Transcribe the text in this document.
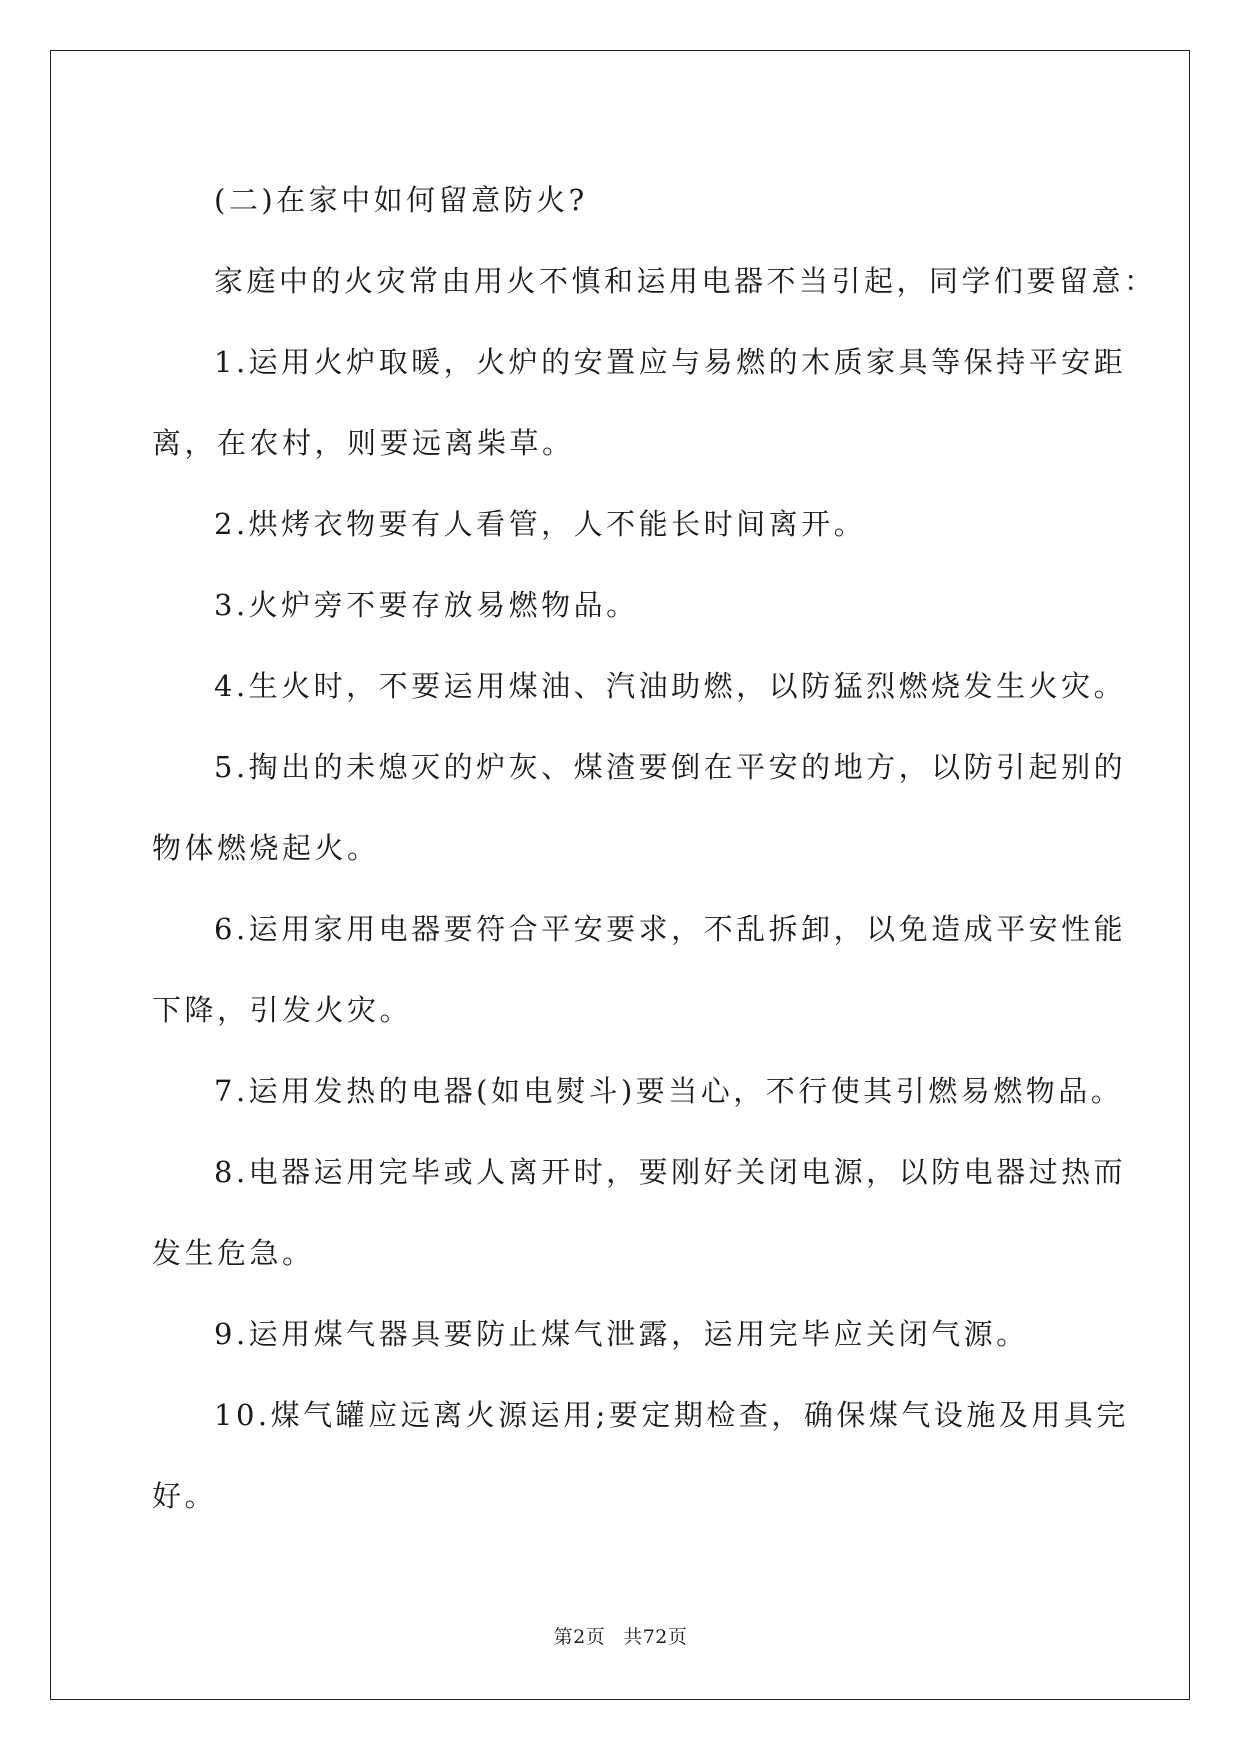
(二)在家中如何留意防火?

家庭中的火灾常由用火不慎和运用电器不当引起，同学们要留意：

1.运用火炉取暖，火炉的安置应与易燃的木质家具等保持平安距
离，在农村，则要远离柴草。

2.烘烤衣物要有人看管，人不能长时间离开。

3.火炉旁不要存放易燃物品。

4.生火时，不要运用煤油、汽油助燃，以防猛烈燃烧发生火灾。

5.掏出的未熄灭的炉灰、煤渣要倒在平安的地方，以防引起别的
物体燃烧起火。

6.运用家用电器要符合平安要求，不乱拆卸，以免造成平安性能
下降，引发火灾。

7.运用发热的电器(如电熨斗)要当心，不行使其引燃易燃物品。

8.电器运用完毕或人离开时，要刚好关闭电源，以防电器过热而
发生危急。

9.运用煤气器具要防止煤气泄露，运用完毕应关闭气源。

10.煤气罐应远离火源运用;要定期检查，确保煤气设施及用具完
好。

第2页 共72页
